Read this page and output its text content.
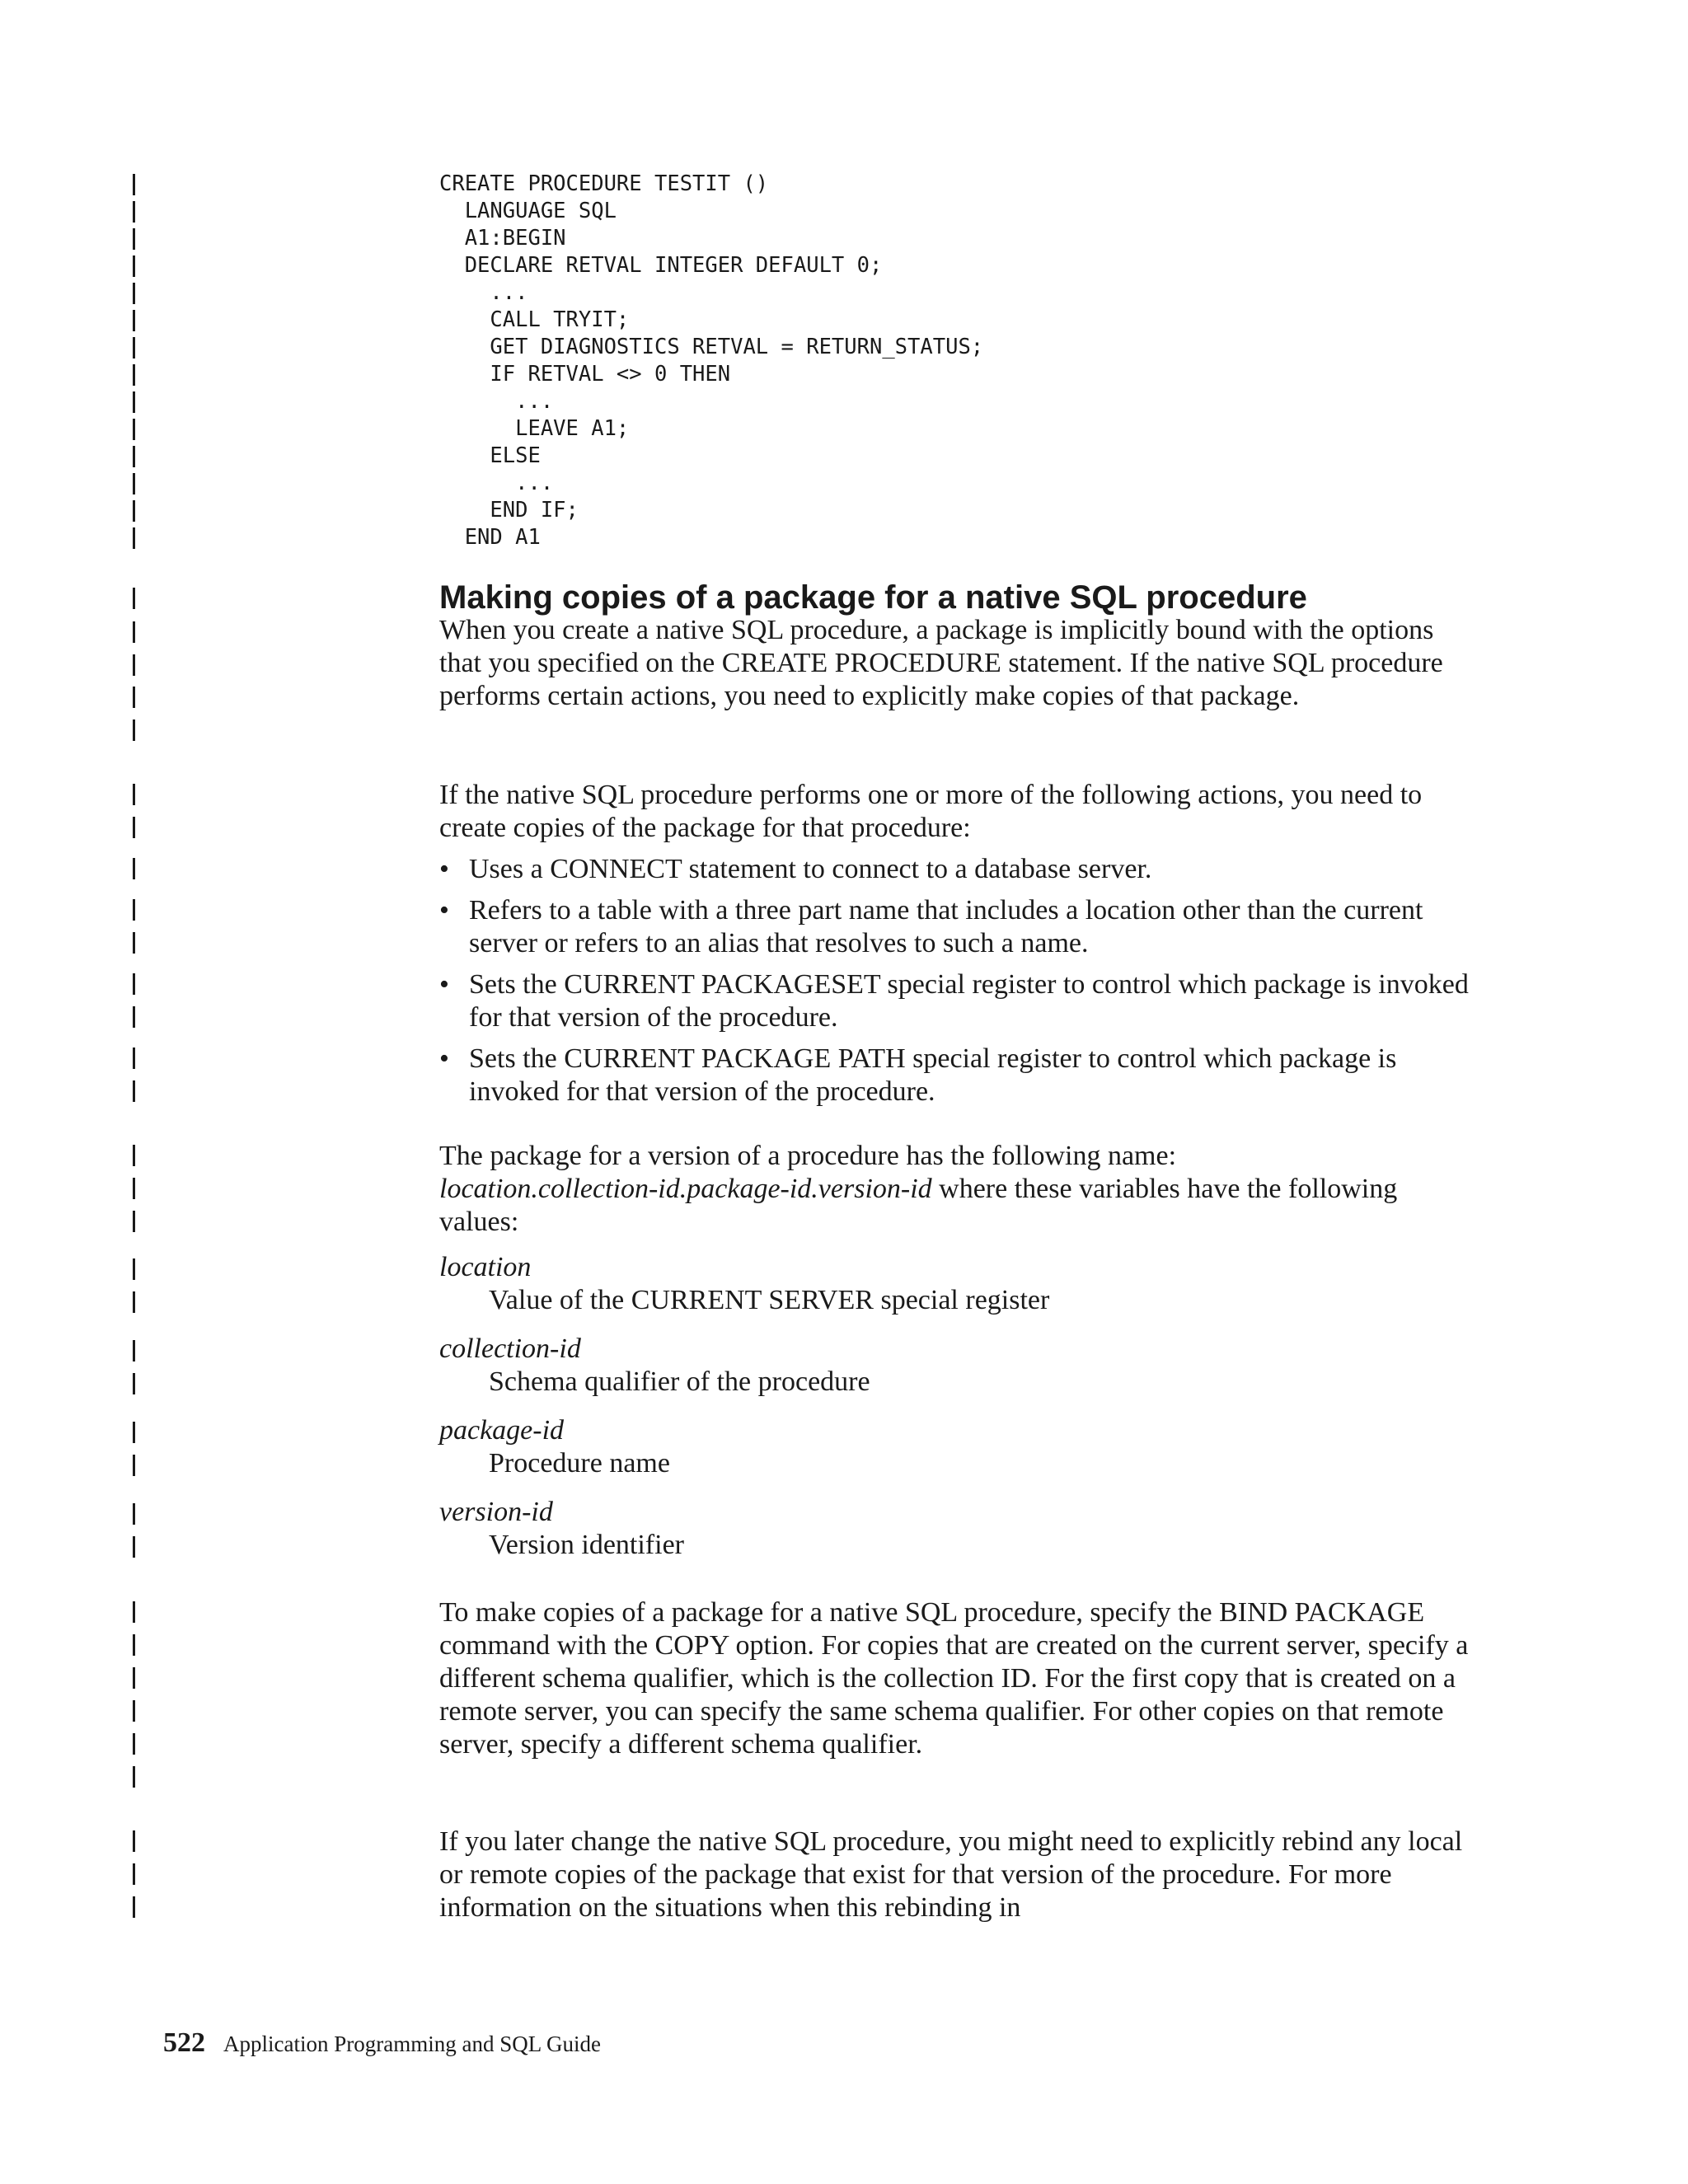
CREATE PROCEDURE TESTIT ()
LANGUAGE SQL
A1:BEGIN
DECLARE RETVAL INTEGER DEFAULT 0;
...
CALL TRYIT;
GET DIAGNOSTICS RETVAL = RETURN_STATUS;
IF RETVAL <> 0 THEN
...
LEAVE A1;
ELSE
...
END IF;
END A1
Making copies of a package for a native SQL procedure

When you create a native SQL procedure, a package is implicitly bound with the options that you specified on the CREATE PROCEDURE statement. If the native SQL procedure performs certain actions, you need to explicitly make copies of that package.

If the native SQL procedure performs one or more of the following actions, you need to create copies of the package for that procedure:

• Uses a CONNECT statement to connect to a database server.
• Refers to a table with a three part name that includes a location other than the current server or refers to an alias that resolves to such a name.
• Sets the CURRENT PACKAGESET special register to control which package is invoked for that version of the procedure.
• Sets the CURRENT PACKAGE PATH special register to control which package is invoked for that version of the procedure.

The package for a version of a procedure has the following name:
location.collection-id.package-id.version-id where these variables have the following values:

location
Value of the CURRENT SERVER special register
collection-id
Schema qualifier of the procedure
package-id
Procedure name
version-id
Version identifier

To make copies of a package for a native SQL procedure, specify the BIND PACKAGE command with the COPY option. For copies that are created on the current server, specify a different schema qualifier, which is the collection ID. For the first copy that is created on a remote server, you can specify the same schema qualifier. For other copies on that remote server, specify a different schema qualifier.

If you later change the native SQL procedure, you might need to explicitly rebind any local or remote copies of the package that exist for that version of the procedure. For more information on the situations when this rebinding in

522 Application Programming and SQL Guide
